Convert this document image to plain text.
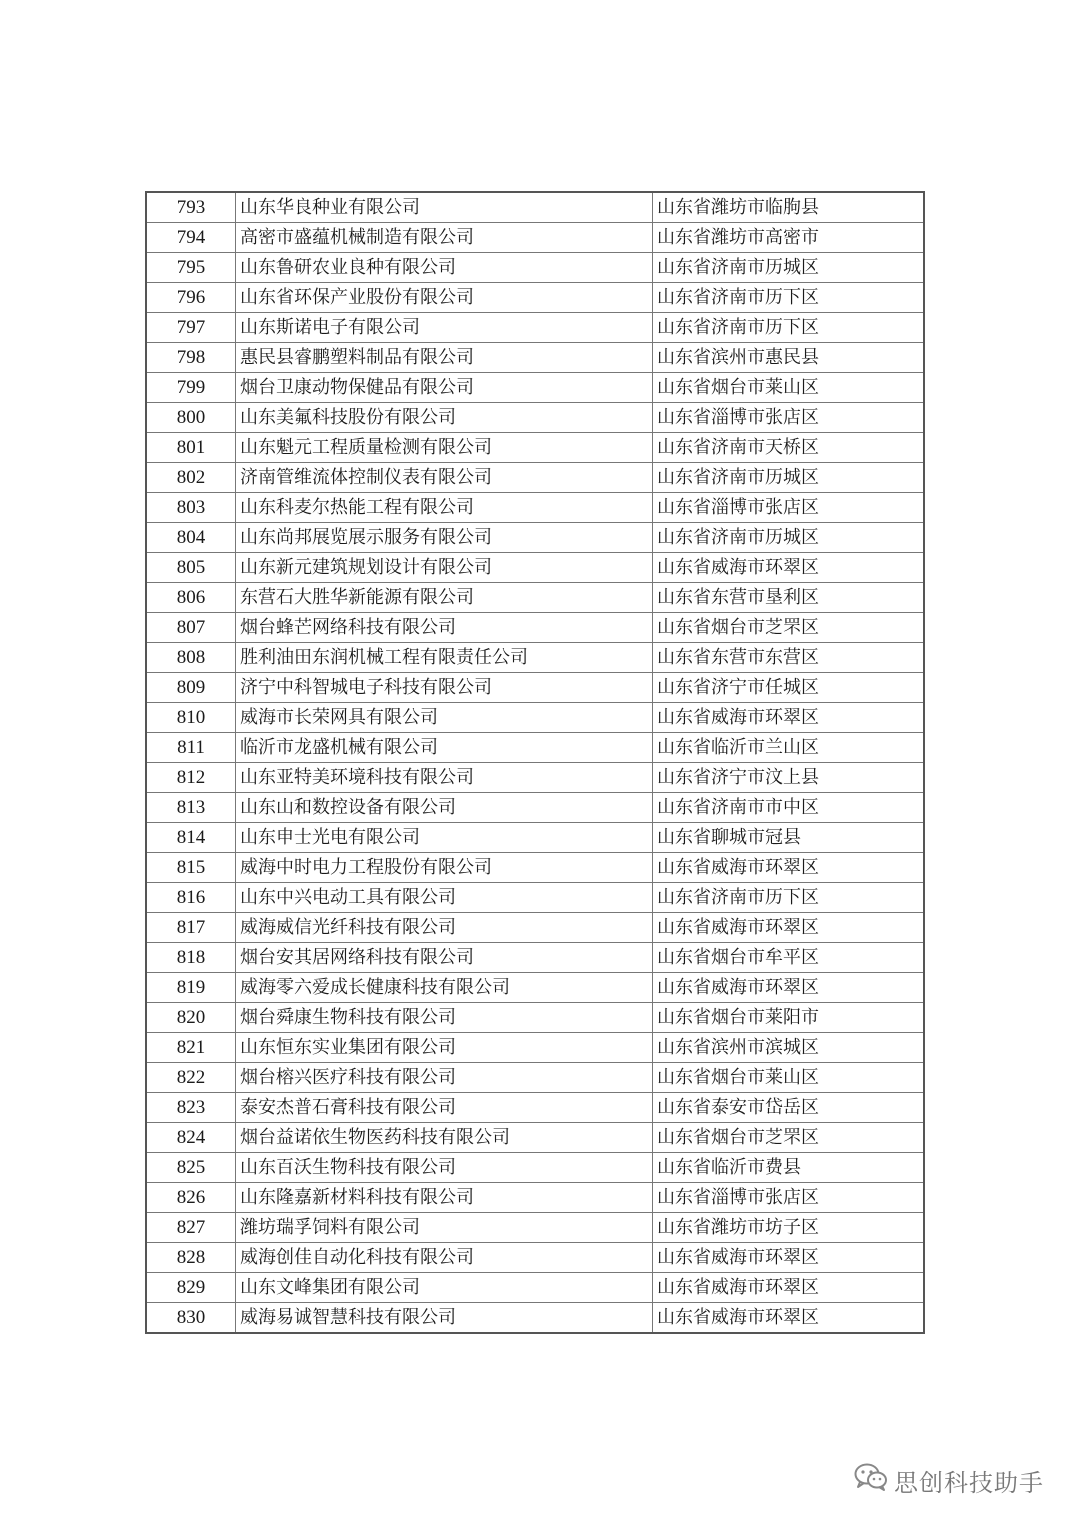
793	山东华良种业有限公司	山东省潍坊市临朐县
794	高密市盛蕴机械制造有限公司	山东省潍坊市高密市
795	山东鲁研农业良种有限公司	山东省济南市历城区
796	山东省环保产业股份有限公司	山东省济南市历下区
797	山东斯诺电子有限公司	山东省济南市历下区
798	惠民县睿鹏塑料制品有限公司	山东省滨州市惠民县
799	烟台卫康动物保健品有限公司	山东省烟台市莱山区
800	山东美氟科技股份有限公司	山东省淄博市张店区
801	山东魁元工程质量检测有限公司	山东省济南市天桥区
802	济南管维流体控制仪表有限公司	山东省济南市历城区
803	山东科麦尔热能工程有限公司	山东省淄博市张店区
804	山东尚邦展览展示服务有限公司	山东省济南市历城区
805	山东新元建筑规划设计有限公司	山东省威海市环翠区
806	东营石大胜华新能源有限公司	山东省东营市垦利区
807	烟台蜂芒网络科技有限公司	山东省烟台市芝罘区
808	胜利油田东润机械工程有限责任公司	山东省东营市东营区
809	济宁中科智城电子科技有限公司	山东省济宁市任城区
810	威海市长荣网具有限公司	山东省威海市环翠区
811	临沂市龙盛机械有限公司	山东省临沂市兰山区
812	山东亚特美环境科技有限公司	山东省济宁市汶上县
813	山东山和数控设备有限公司	山东省济南市市中区
814	山东申士光电有限公司	山东省聊城市冠县
815	威海中时电力工程股份有限公司	山东省威海市环翠区
816	山东中兴电动工具有限公司	山东省济南市历下区
817	威海威信光纤科技有限公司	山东省威海市环翠区
818	烟台安其居网络科技有限公司	山东省烟台市牟平区
819	威海零六爱成长健康科技有限公司	山东省威海市环翠区
820	烟台舜康生物科技有限公司	山东省烟台市莱阳市
821	山东恒东实业集团有限公司	山东省滨州市滨城区
822	烟台榕兴医疗科技有限公司	山东省烟台市莱山区
823	泰安杰普石膏科技有限公司	山东省泰安市岱岳区
824	烟台益诺依生物医药科技有限公司	山东省烟台市芝罘区
825	山东百沃生物科技有限公司	山东省临沂市费县
826	山东隆嘉新材料科技有限公司	山东省淄博市张店区
827	潍坊瑞孚饲料有限公司	山东省潍坊市坊子区
828	威海创佳自动化科技有限公司	山东省威海市环翠区
829	山东文峰集团有限公司	山东省威海市环翠区
830	威海易诚智慧科技有限公司	山东省威海市环翠区
思创科技助手
